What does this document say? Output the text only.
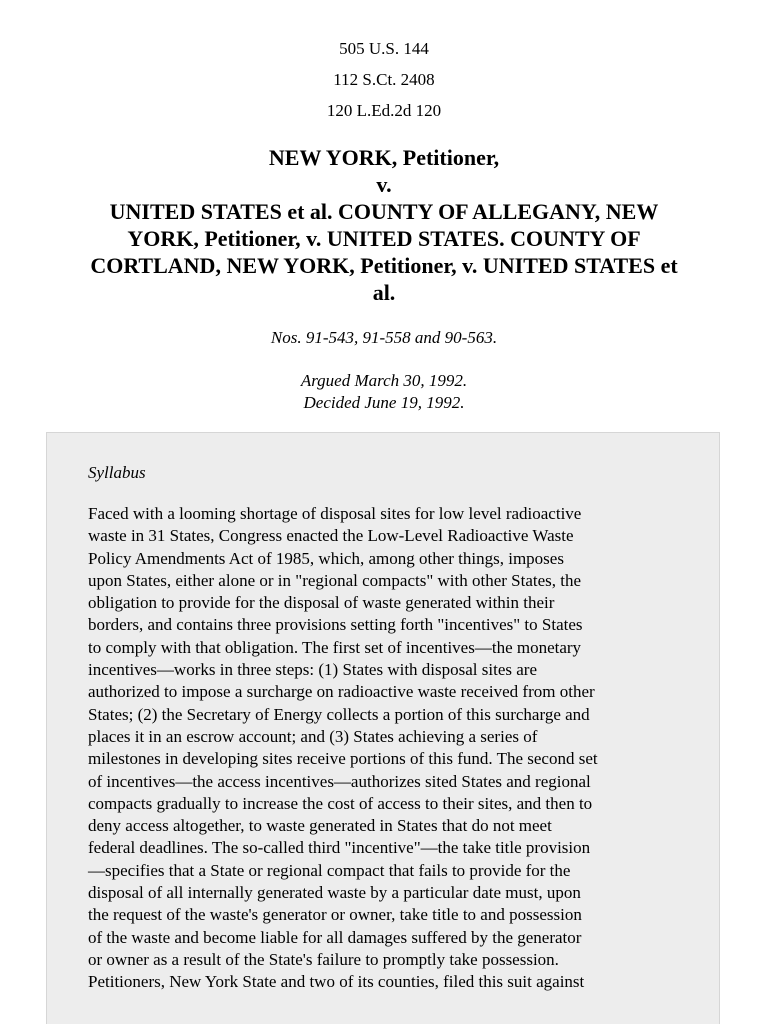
505 U.S. 144
112 S.Ct. 2408
120 L.Ed.2d 120
NEW YORK, Petitioner,
v.
UNITED STATES et al. COUNTY OF ALLEGANY, NEW
YORK, Petitioner, v. UNITED STATES. COUNTY OF
CORTLAND, NEW YORK, Petitioner, v. UNITED STATES et
al.
Nos. 91-543, 91-558 and 90-563.
Argued March 30, 1992.
Decided June 19, 1992.
Syllabus

Faced with a looming shortage of disposal sites for low level radioactive
waste in 31 States, Congress enacted the Low-Level Radioactive Waste
Policy Amendments Act of 1985, which, among other things, imposes
upon States, either alone or in "regional compacts" with other States, the
obligation to provide for the disposal of waste generated within their
borders, and contains three provisions setting forth "incentives" to States
to comply with that obligation. The first set of incentives—the monetary
incentives—works in three steps: (1) States with disposal sites are
authorized to impose a surcharge on radioactive waste received from other
States; (2) the Secretary of Energy collects a portion of this surcharge and
places it in an escrow account; and (3) States achieving a series of
milestones in developing sites receive portions of this fund. The second set
of incentives—the access incentives—authorizes sited States and regional
compacts gradually to increase the cost of access to their sites, and then to
deny access altogether, to waste generated in States that do not meet
federal deadlines. The so-called third "incentive"—the take title provision
—specifies that a State or regional compact that fails to provide for the
disposal of all internally generated waste by a particular date must, upon
the request of the waste's generator or owner, take title to and possession
of the waste and become liable for all damages suffered by the generator
or owner as a result of the State's failure to promptly take possession.
Petitioners, New York State and two of its counties, filed this suit against
